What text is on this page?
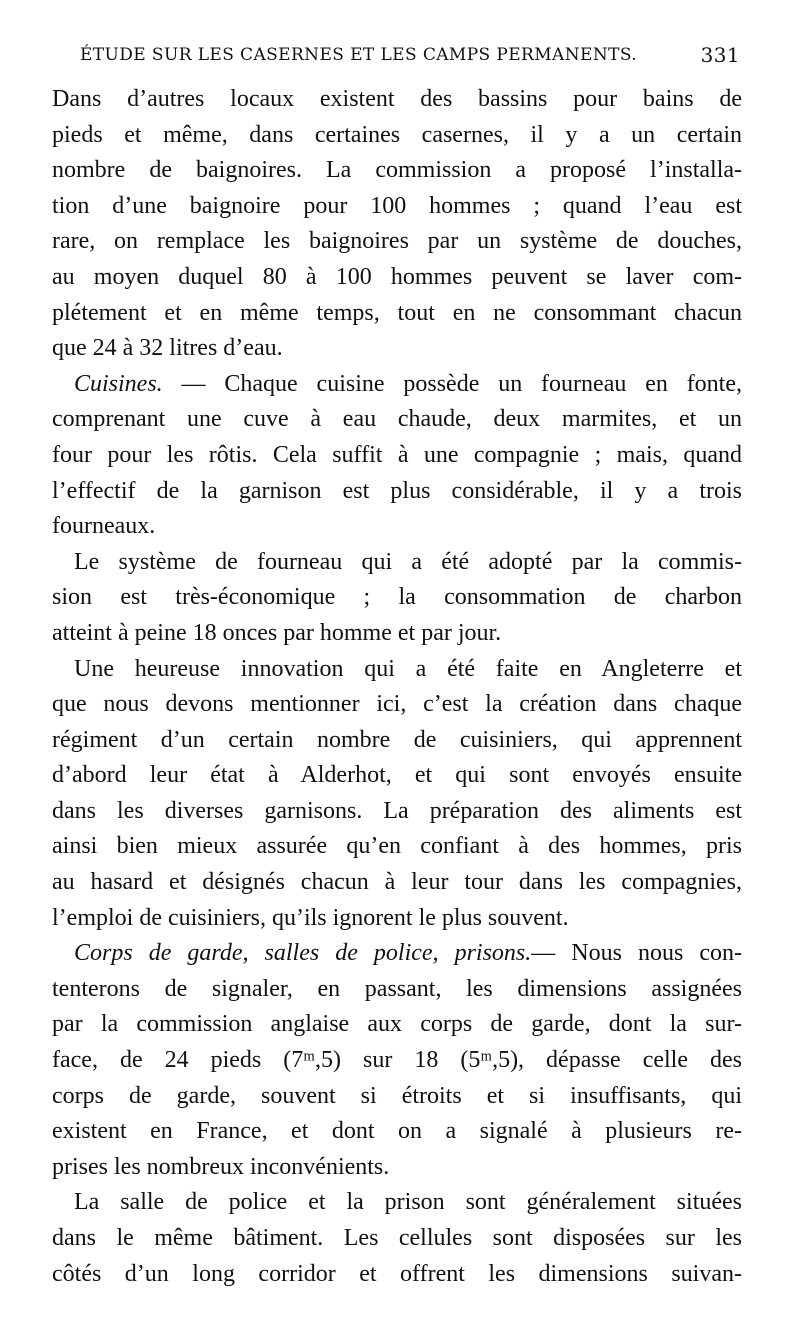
ÉTUDE SUR LES CASERNES ET LES CAMPS PERMANENTS.	331
Dans d’autres locaux existent des bassins pour bains de
pieds et même, dans certaines casernes, il y a un certain
nombre de baignoires. La commission a proposé l’installa-
tion d’une baignoire pour 100 hommes ; quand l’eau est
rare, on remplace les baignoires par un système de douches,
au moyen duquel 80 à 100 hommes peuvent se laver com-
plétement et en même temps, tout en ne consommant chacun
que 24 à 32 litres d’eau.
Cuisines. — Chaque cuisine possède un fourneau en fonte,
comprenant une cuve à eau chaude, deux marmites, et un
four pour les rôtis. Cela suffit à une compagnie ; mais, quand
l’effectif de la garnison est plus considérable, il y a trois
fourneaux.
Le système de fourneau qui a été adopté par la commis-
sion est très-économique ; la consommation de charbon
atteint à peine 18 onces par homme et par jour.
Une heureuse innovation qui a été faite en Angleterre et
que nous devons mentionner ici, c’est la création dans chaque
régiment d’un certain nombre de cuisiniers, qui apprennent
d’abord leur état à Alderhot, et qui sont envoyés ensuite
dans les diverses garnisons. La préparation des aliments est
ainsi bien mieux assurée qu’en confiant à des hommes, pris
au hasard et désignés chacun à leur tour dans les compagnies,
l’emploi de cuisiniers, qu’ils ignorent le plus souvent.
Corps de garde, salles de police, prisons.— Nous nous con-
tenterons de signaler, en passant, les dimensions assignées
par la commission anglaise aux corps de garde, dont la sur-
face, de 24 pieds (7ᵐ,5) sur 18 (5ᵐ,5), dépasse celle des
corps de garde, souvent si étroits et si insuffisants, qui
existent en France, et dont on a signalé à plusieurs re-
prises les nombreux inconvénients.
La salle de police et la prison sont généralement situées
dans le même bâtiment. Les cellules sont disposées sur les
côtés d’un long corridor et offrent les dimensions suivan-
